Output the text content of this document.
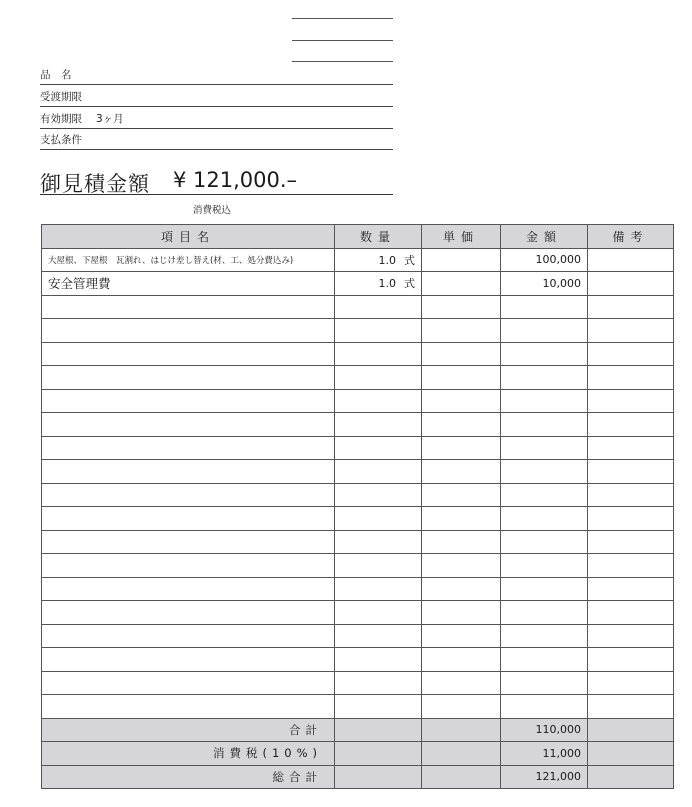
品　名
受渡期限
有効期限 3ヶ月
支払条件
御見積金額 ¥ 121,000.–
消費税込
項目名	数量	単価	金額	備考
大屋根、下屋根　瓦割れ、はじけ差し替え(材、工、処分費込み)	1.0 式		100,000	
安全管理費	1.0 式		10,000	

合計			110,000	
消費税(10%)			11,000	
総合計			121,000	
